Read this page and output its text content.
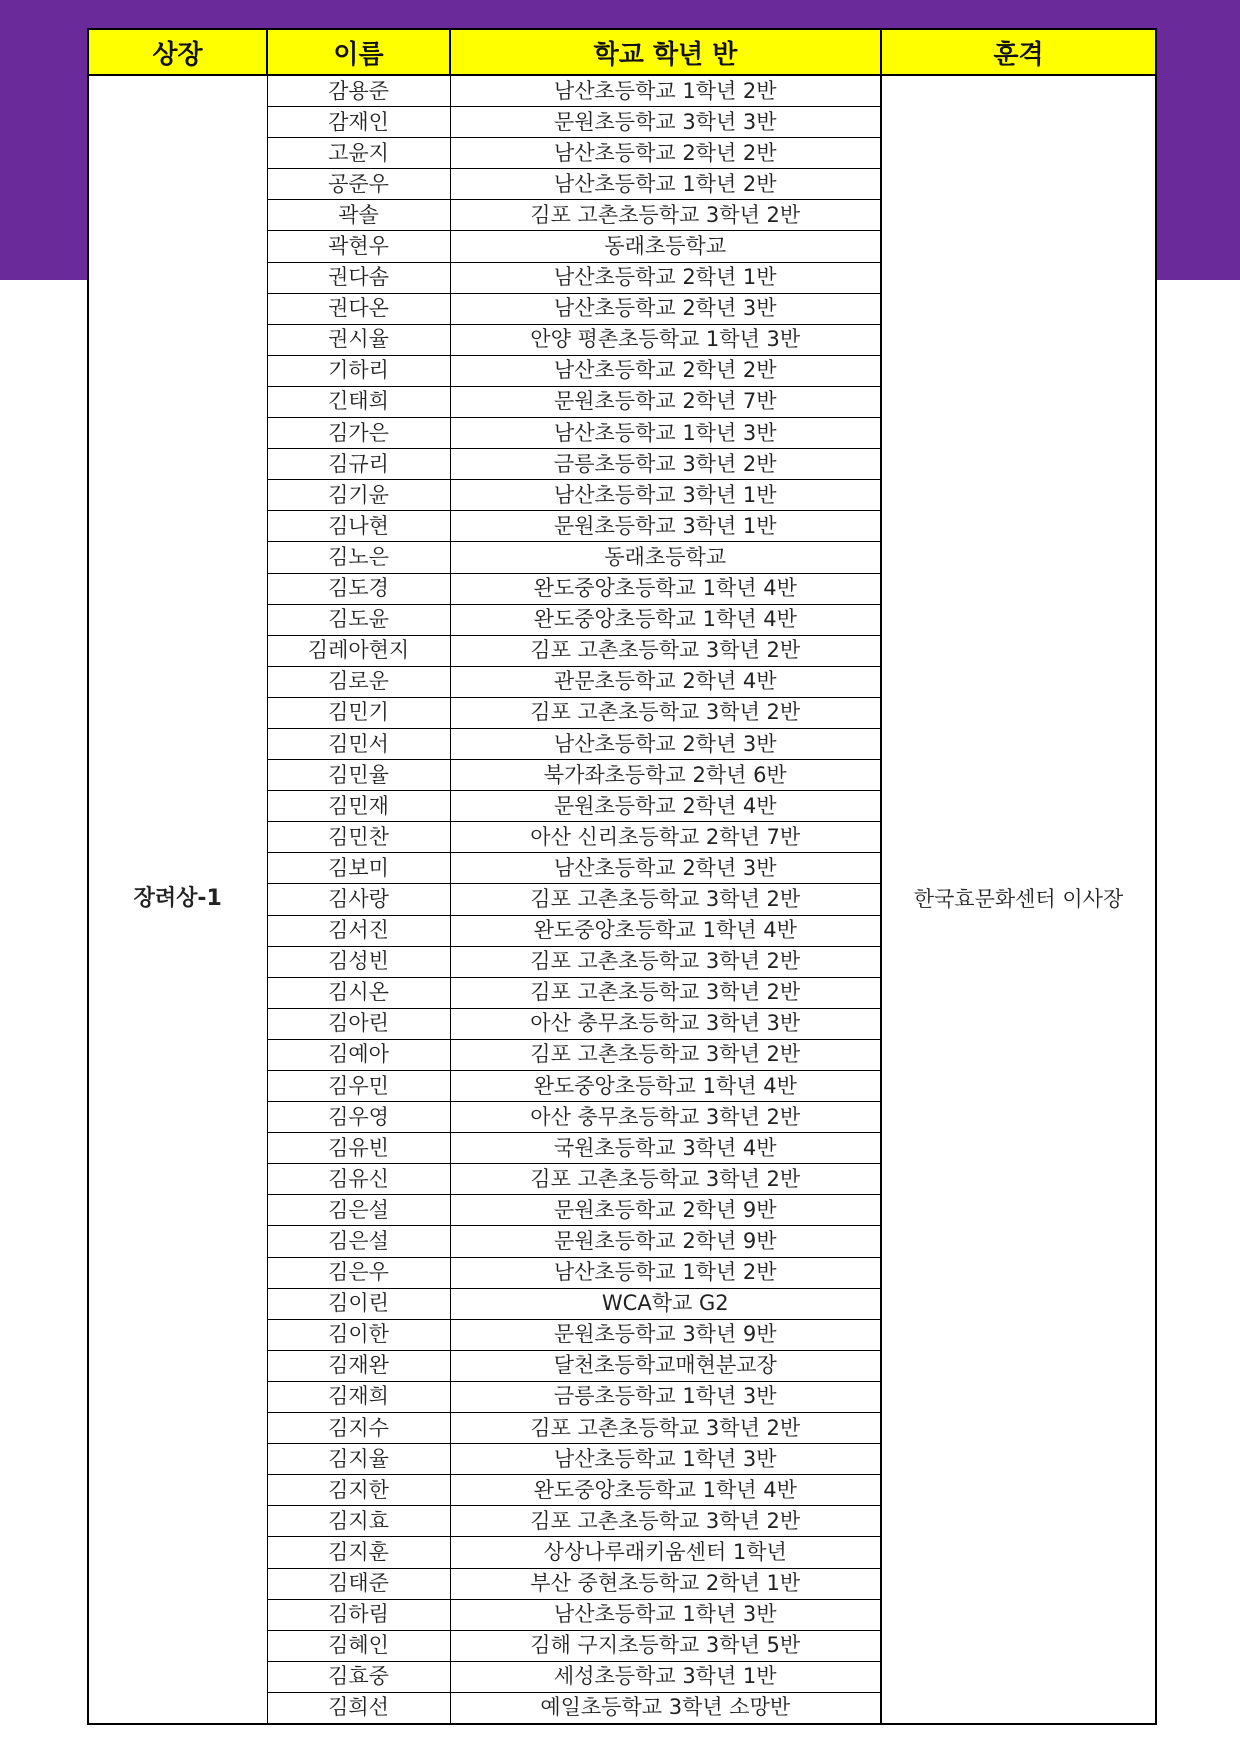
상장	이름	학교 학년 반	훈격
장려상-1	감용준	남산초등학교 1학년 2반	한국효문화센터 이사장
	감재인	문원초등학교 3학년 3반	
	고윤지	남산초등학교 2학년 2반	
	공준우	남산초등학교 1학년 2반	
	곽솔	김포 고촌초등학교 3학년 2반	
	곽현우	동래초등학교	
	권다솜	남산초등학교 2학년 1반	
	권다온	남산초등학교 2학년 3반	
	권시율	안양 평촌초등학교 1학년 3반	
	기하리	남산초등학교 2학년 2반	
	긴태희	문원초등학교 2학년 7반	
	김가은	남산초등학교 1학년 3반	
	김규리	금릉초등학교 3학년 2반	
	김기윤	남산초등학교 3학년 1반	
	김나현	문원초등학교 3학년 1반	
	김노은	동래초등학교	
	김도경	완도중앙초등학교 1학년 4반	
	김도윤	완도중앙초등학교 1학년 4반	
	김레아현지	김포 고촌초등학교 3학년 2반	
	김로운	관문초등학교 2학년 4반	
	김민기	김포 고촌초등학교 3학년 2반	
	김민서	남산초등학교 2학년 3반	
	김민율	북가좌초등학교 2학년 6반	
	김민재	문원초등학교 2학년 4반	
	김민찬	아산 신리초등학교 2학년 7반	
	김보미	남산초등학교 2학년 3반	
	김사랑	김포 고촌초등학교 3학년 2반	
	김서진	완도중앙초등학교 1학년 4반	
	김성빈	김포 고촌초등학교 3학년 2반	
	김시온	김포 고촌초등학교 3학년 2반	
	김아린	아산 충무초등학교 3학년 3반	
	김예아	김포 고촌초등학교 3학년 2반	
	김우민	완도중앙초등학교 1학년 4반	
	김우영	아산 충무초등학교 3학년 2반	
	김유빈	국원초등학교 3학년 4반	
	김유신	김포 고촌초등학교 3학년 2반	
	김은설	문원초등학교 2학년 9반	
	김은설	문원초등학교 2학년 9반	
	김은우	남산초등학교 1학년 2반	
	김이린	WCA학교 G2	
	김이한	문원초등학교 3학년 9반	
	김재완	달천초등학교매현분교장	
	김재희	금릉초등학교 1학년 3반	
	김지수	김포 고촌초등학교 3학년 2반	
	김지율	남산초등학교 1학년 3반	
	김지한	완도중앙초등학교 1학년 4반	
	김지효	김포 고촌초등학교 3학년 2반	
	김지훈	상상나루래키움센터 1학년	
	김태준	부산 중현초등학교 2학년 1반	
	김하림	남산초등학교 1학년 3반	
	김혜인	김해 구지초등학교 3학년 5반	
	김효중	세성초등학교 3학년 1반	
	김희선	예일초등학교 3학년 소망반	
